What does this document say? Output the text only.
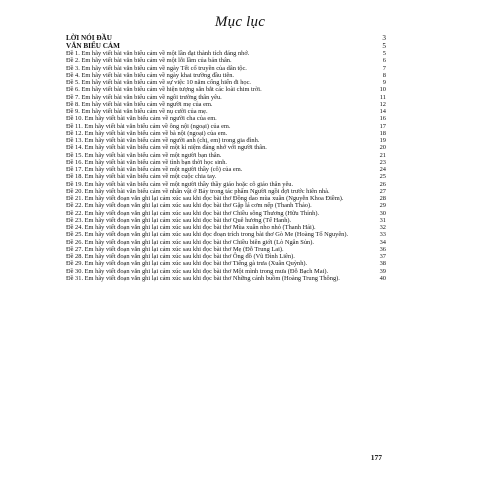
Mục lục
LỜI NÓI ĐẦU	3
VĂN BIỂU CẢM	5
Đề 1. Em hãy viết bài văn biểu cảm về một lần đạt thành tích đáng nhớ.	5
Đề 2. Em hãy viết bài văn biểu cảm về một lỗi lầm của bản thân.	6
Đề 3. Em hãy viết bài văn biểu cảm về ngày Tết cổ truyền của dân tộc.	7
Đề 4. Em hãy viết bài văn biểu cảm về ngày khai trường đầu tiên.	8
Đề 5. Em hãy viết bài văn biểu cảm về sự việc 10 năm cống hiến đi học.	9
Đề 6. Em hãy viết bài văn biểu cảm về hiện tượng săn bắt các loài chim trời.	10
Đề 7. Em hãy viết bài văn biểu cảm về ngôi trường thân yêu.	11
Đề 8. Em hãy viết bài văn biểu cảm về người mẹ của em.	12
Đề 9. Em hãy viết bài văn biểu cảm về nụ cười của mẹ.	14
Đề 10. Em hãy viết bài văn biểu cảm về người cha của em.	16
Đề 11. Em hãy viết bài văn biểu cảm về ông nội (ngoại) của em.	17
Đề 12. Em hãy viết bài văn biểu cảm về bà nội (ngoại) của em.	18
Đề 13. Em hãy viết bài văn biểu cảm về người anh (chị, em) trong gia đình.	19
Đề 14. Em hãy viết bài văn biểu cảm về một kỉ niệm đáng nhớ với người thân.	20
Đề 15. Em hãy viết bài văn biểu cảm về một người bạn thân.	21
Đề 16. Em hãy viết bài văn biểu cảm về tình bạn thời học sinh.	23
Đề 17. Em hãy viết bài văn biểu cảm về một người thầy (cô) của em.	24
Đề 18. Em hãy viết bài văn biểu cảm về một cuộc chia tay.	25
Đề 19. Em hãy viết bài văn biểu cảm về một người thầy thầy giáo hoặc cô giáo thân yêu.	26
Đề 20. Em hãy viết bài văn biểu cảm về nhân vật ở Bảy trong tác phẩm Người ngồi đợi trước hiên nhà.	27
Đề 21. Em hãy viết đoạn văn ghi lại cảm xúc sau khi đọc bài thơ Đồng dao mùa xuân (Nguyễn Khoa Điềm).	28
Đề 22. Em hãy viết đoạn văn ghi lại cảm xúc sau khi đọc bài thơ Gặp lá cơm nếp (Thanh Thảo).	29
Đề 22. Em hãy viết đoạn văn ghi lại cảm xúc sau khi đọc bài thơ Chiều sông Thương (Hữu Thỉnh).	30
Đề 23. Em hãy viết đoạn văn ghi lại cảm xúc sau khi đọc bài thơ Quê hương (Tế Hanh).	31
Đề 24. Em hãy viết đoạn văn ghi lại cảm xúc sau khi đọc bài thơ Mùa xuân nho nhỏ (Thanh Hải).	32
Đề 25. Em hãy viết đoạn văn ghi lại cảm xúc sau khi đọc đoạn trích trong bài thơ Gò Me (Hoàng Tố Nguyên).	33
Đề 26. Em hãy viết đoạn văn ghi lại cảm xúc sau khi đọc bài thơ Chiều biên giới (Lò Ngân Sủn).	34
Đề 27. Em hãy viết đoạn văn ghi lại cảm xúc sau khi đọc bài thơ Mẹ (Đỗ Trung Lai).	36
Đề 28. Em hãy viết đoạn văn ghi lại cảm xúc sau khi đọc bài thơ Ông đồ (Vũ Đình Liên).	37
Đề 29. Em hãy viết đoạn văn ghi lại cảm xúc sau khi đọc bài thơ Tiếng gà trưa (Xuân Quỳnh).	38
Đề 30. Em hãy viết đoạn văn ghi lại cảm xúc sau khi đọc bài thơ Một mình trong mưa (Đỗ Bạch Mai).	39
Đề 31. Em hãy viết đoạn văn ghi lại cảm xúc sau khi đọc bài thơ Những cánh buồm (Hoàng Trung Thông).	40
177
